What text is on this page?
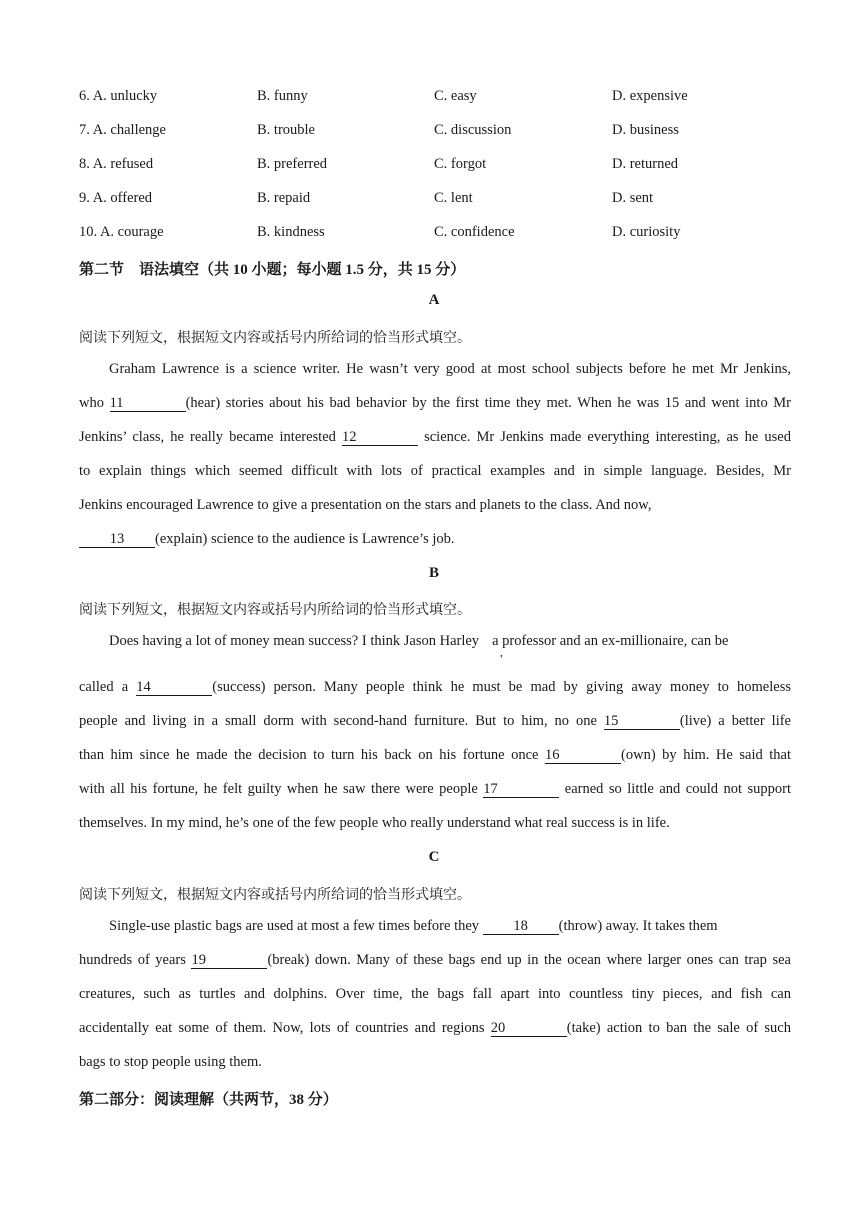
6. A. unlucky	B. funny	C. easy	D. expensive
7. A. challenge	B. trouble	C. discussion	D. business
8. A. refused	B. preferred	C. forgot	D. returned
9. A. offered	B. repaid	C. lent	D. sent
10. A. courage	B. kindness	C. confidence	D. curiosity
第二节　语法填空（共 10 小题；每小题 1.5 分，共 15 分）
A
阅读下列短文，根据短文内容或括号内所给词的恰当形式填空。
Graham Lawrence is a science writer. He wasn’t very good at most school subjects before he met Mr Jenkins,
who 11	(hear) stories about his bad behavior by the first time they met. When he was 15 and went into Mr
Jenkins’ class, he really became interested 12	science. Mr Jenkins made everything interesting, as he used
to explain things which seemed difficult with lots of practical examples and in simple language. Besides, Mr
Jenkins encouraged Lawrence to give a presentation on the stars and planets to the class. And now,
13 (explain) science to the audience is Lawrence’s job.
B
阅读下列短文，根据短文内容或括号内所给词的恰当形式填空。
Does having a lot of money mean success? I think Jason Harley a professor and an ex-millionaire, can be
,
called a 14	(success) person. Many people think he must be mad by giving away money to homeless
people and living in a small dorm with second-hand furniture. But to him, no one 15	(live) a better life
than him since he made the decision to turn his back on his fortune once 16	(own) by him. He said that
with all his fortune, he felt guilty when he saw there were people 17	earned so little and could not support
themselves. In my mind, he’s one of the few people who really understand what real success is in life.
C
阅读下列短文，根据短文内容或括号内所给词的恰当形式填空。
Single-use plastic bags are used at most a few times before they 18 (throw) away. It takes them
hundreds of years 19	(break) down. Many of these bags end up in the ocean where larger ones can trap sea
creatures, such as turtles and dolphins. Over time, the bags fall apart into countless tiny pieces, and fish can
accidentally eat some of them. Now, lots of countries and regions 20	(take) action to ban the sale of such
bags to stop people using them.
第二部分：阅读理解（共两节，38 分）
